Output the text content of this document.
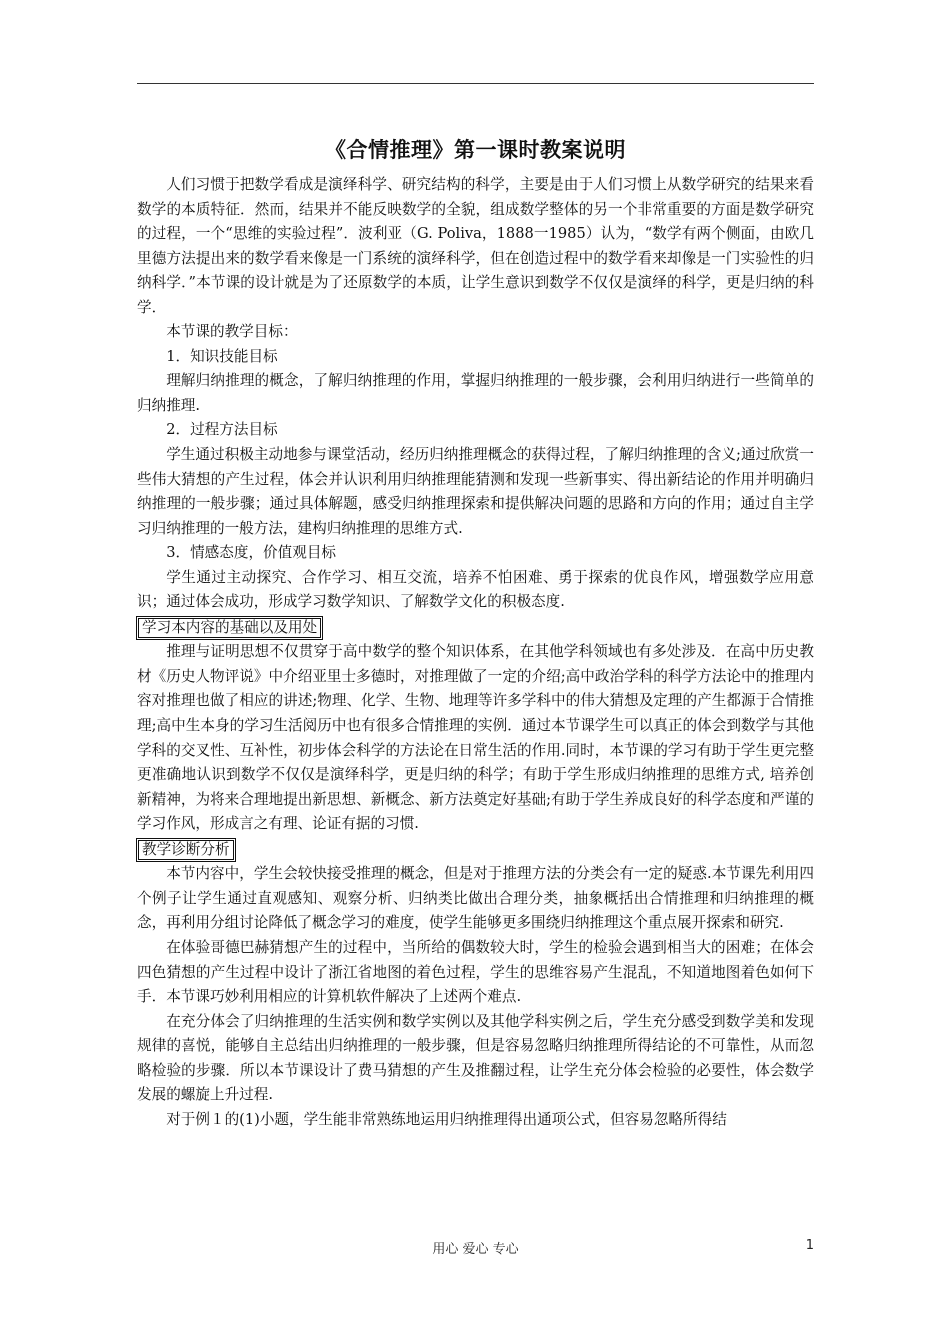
《合情推理》第一课时教案说明

人们习惯于把数学看成是演绎科学、研究结构的科学，主要是由于人们习惯上从数学研究的结果来看数学的本质特征．然而，结果并不能反映数学的全貌，组成数学整体的另一个非常重要的方面是数学研究的过程，一个“思维的实验过程”．波利亚（G. Poliva，1888一1985）认为，“数学有两个侧面，由欧几里德方法提出来的数学看来像是一门系统的演绎科学，但在创造过程中的数学看来却像是一门实验性的归纳科学．”本节课的设计就是为了还原数学的本质，让学生意识到数学不仅仅是演绎的科学，更是归纳的科学．

本节课的教学目标：

1．知识技能目标

理解归纳推理的概念，了解归纳推理的作用，掌握归纳推理的一般步骤，会利用归纳进行一些简单的归纳推理.

2．过程方法目标

学生通过积极主动地参与课堂活动，经历归纳推理概念的获得过程，了解归纳推理的含义;通过欣赏一些伟大猜想的产生过程，体会并认识利用归纳推理能猜测和发现一些新事实、得出新结论的作用并明确归纳推理的一般步骤；通过具体解题，感受归纳推理探索和提供解决问题的思路和方向的作用；通过自主学习归纳推理的一般方法，建构归纳推理的思维方式.

3．情感态度，价值观目标

学生通过主动探究、合作学习、相互交流，培养不怕困难、勇于探索的优良作风，增强数学应用意识；通过体会成功，形成学习数学知识、了解数学文化的积极态度.

学习本内容的基础以及用处

推理与证明思想不仅贯穿于高中数学的整个知识体系，在其他学科领域也有多处涉及．在高中历史教材《历史人物评说》中介绍亚里士多德时，对推理做了一定的介绍;高中政治学科的科学方法论中的推理内容对推理也做了相应的讲述;物理、化学、生物、地理等许多学科中的伟大猜想及定理的产生都源于合情推理;高中生本身的学习生活阅历中也有很多合情推理的实例．通过本节课学生可以真正的体会到数学与其他学科的交叉性、互补性，初步体会科学的方法论在日常生活的作用.同时，本节课的学习有助于学生更完整更准确地认识到数学不仅仅是演绎科学，更是归纳的科学；有助于学生形成归纳推理的思维方式, 培养创新精神，为将来合理地提出新思想、新概念、新方法奠定好基础;有助于学生养成良好的科学态度和严谨的学习作风，形成言之有理、论证有据的习惯.

教学诊断分析

本节内容中，学生会较快接受推理的概念，但是对于推理方法的分类会有一定的疑惑.本节课先利用四个例子让学生通过直观感知、观察分析、归纳类比做出合理分类，抽象概括出合情推理和归纳推理的概念，再利用分组讨论降低了概念学习的难度，使学生能够更多围绕归纳推理这个重点展开探索和研究.

在体验哥德巴赫猜想产生的过程中，当所给的偶数较大时，学生的检验会遇到相当大的困难；在体会四色猜想的产生过程中设计了浙江省地图的着色过程，学生的思维容易产生混乱，不知道地图着色如何下手．本节课巧妙利用相应的计算机软件解决了上述两个难点.

在充分体会了归纳推理的生活实例和数学实例以及其他学科实例之后，学生充分感受到数学美和发现规律的喜悦，能够自主总结出归纳推理的一般步骤，但是容易忽略归纳推理所得结论的不可靠性，从而忽略检验的步骤．所以本节课设计了费马猜想的产生及推翻过程，让学生充分体会检验的必要性，体会数学发展的螺旋上升过程.

对于例１的(1)小题，学生能非常熟练地运用归纳推理得出通项公式，但容易忽略所得结

用心 爱心 专心	1
